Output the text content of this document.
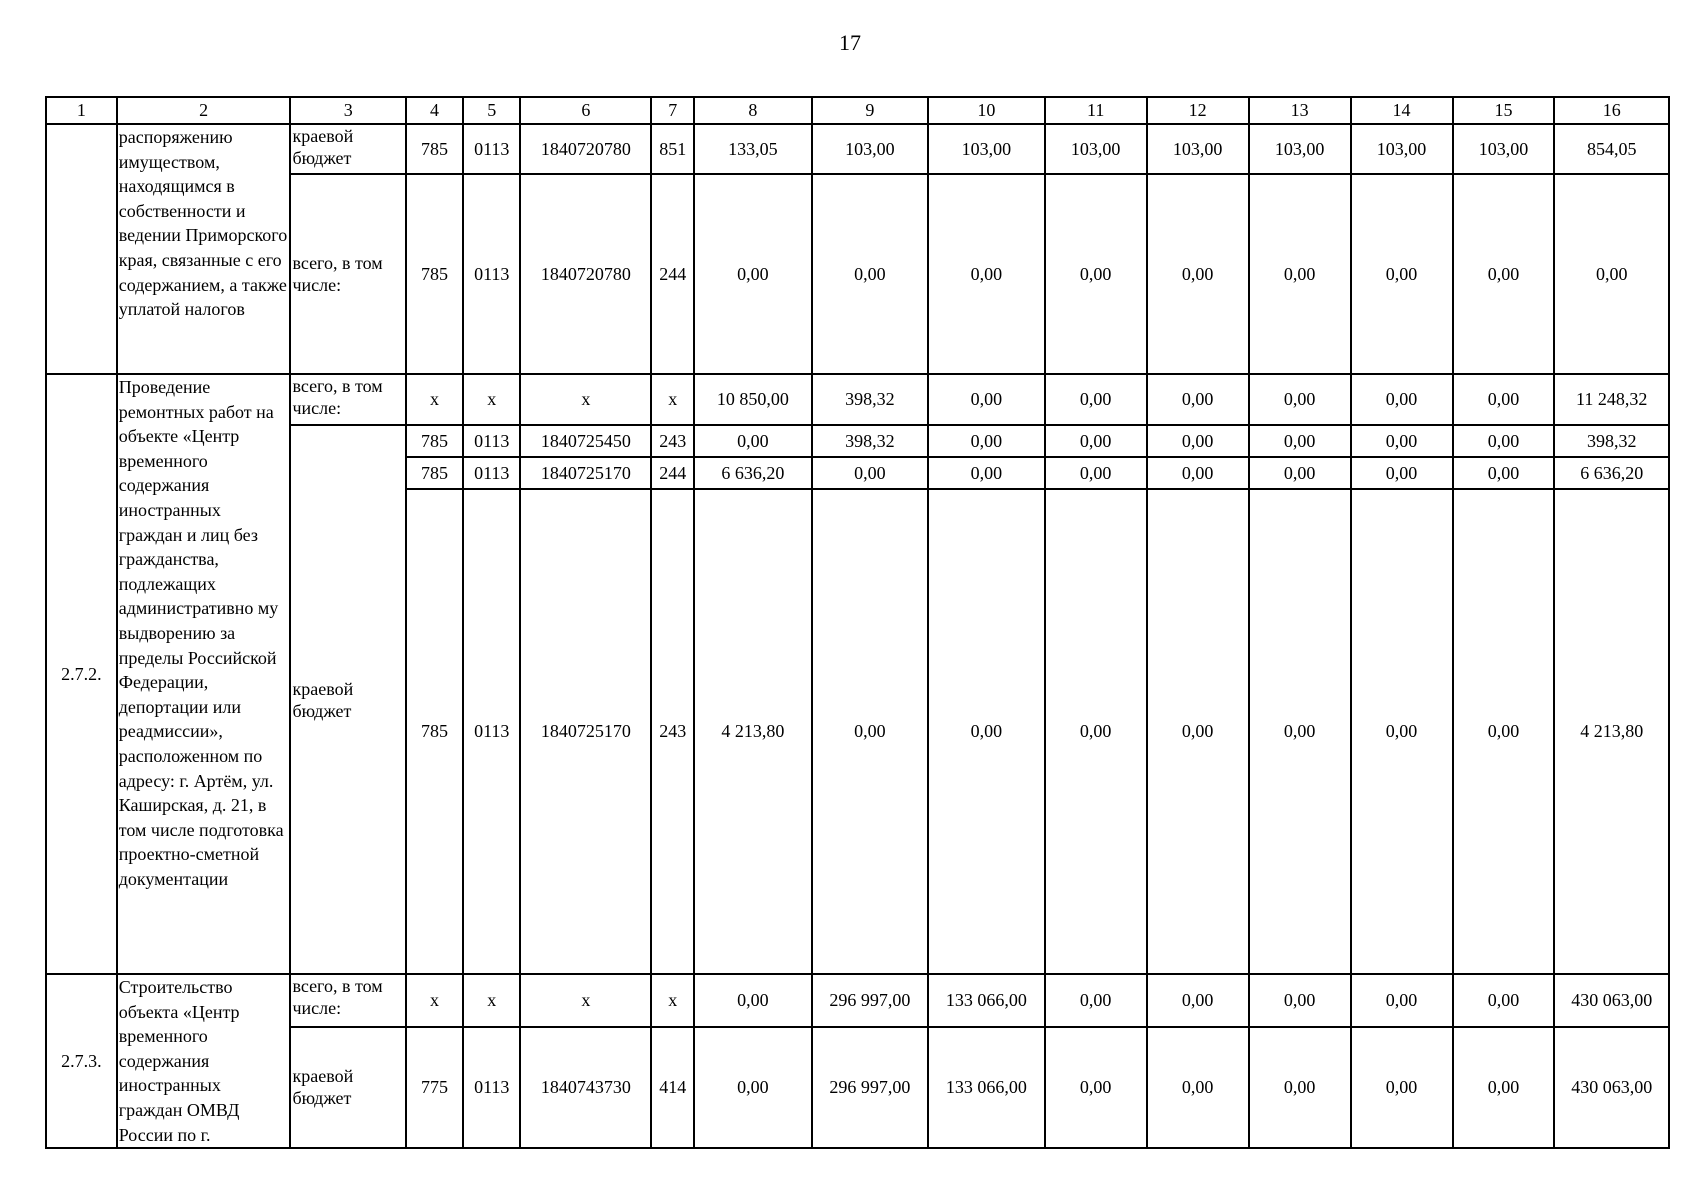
17
1	2	3	4	5	6	7	8	9	10	11	12	13	14	15	16
	распоряжению имуществом, находящимся в собственности и ведении Приморского края, связанные с его содержанием, а также уплатой налогов	краевой бюджет	785	0113	1840720780	851	133,05	103,00	103,00	103,00	103,00	103,00	103,00	103,00	854,05
		всего, в том числе:	785	0113	1840720780	244	0,00	0,00	0,00	0,00	0,00	0,00	0,00	0,00	0,00
2.7.2.	Проведение ремонтных работ на объекте «Центр временного содержания иностранных граждан и лиц без гражданства, подлежащих административно му выдворению за пределы Российской Федерации, депортации или реадмиссии», расположенном по адресу: г. Артём, ул. Каширская, д. 21, в том числе подготовка проектно-сметной документации	всего, в том числе:	x	x	x	x	10 850,00	398,32	0,00	0,00	0,00	0,00	0,00	0,00	11 248,32
		краевой бюджет	785	0113	1840725450	243	0,00	398,32	0,00	0,00	0,00	0,00	0,00	0,00	398,32
			785	0113	1840725170	244	6 636,20	0,00	0,00	0,00	0,00	0,00	0,00	0,00	6 636,20
			785	0113	1840725170	243	4 213,80	0,00	0,00	0,00	0,00	0,00	0,00	0,00	4 213,80
2.7.3.	Строительство объекта «Центр временного содержания иностранных граждан ОМВД России по г.	всего, в том числе:	x	x	x	x	0,00	296 997,00	133 066,00	0,00	0,00	0,00	0,00	0,00	430 063,00
		краевой бюджет	775	0113	1840743730	414	0,00	296 997,00	133 066,00	0,00	0,00	0,00	0,00	0,00	430 063,00
